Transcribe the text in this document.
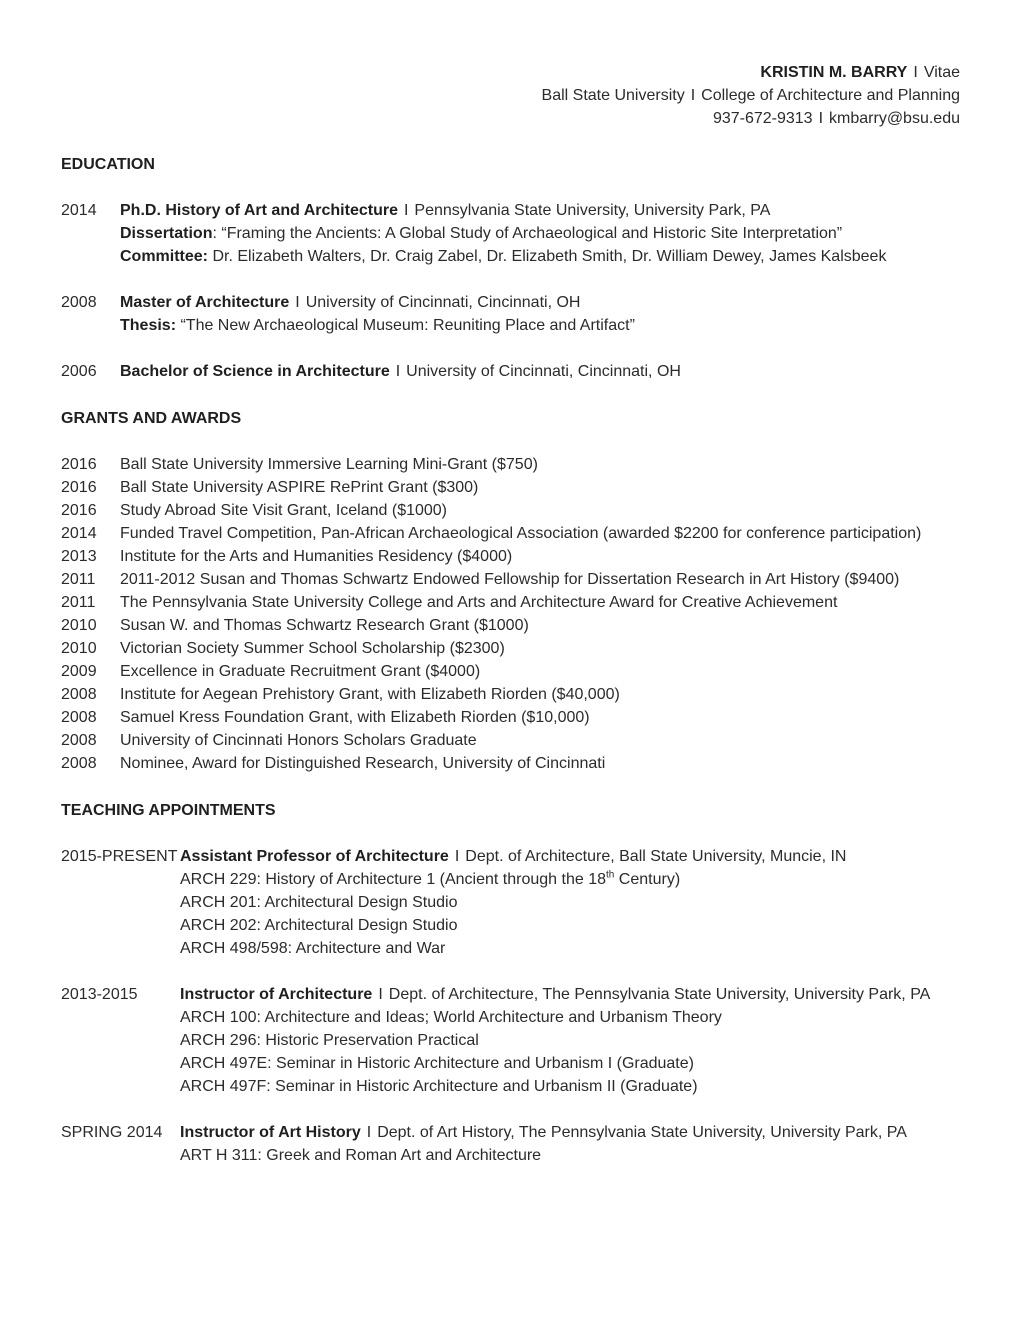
KRISTIN M. BARRY I Vitae
Ball State University I College of Architecture and Planning
937-672-9313 I kmbarry@bsu.edu
EDUCATION
2014	Ph.D. History of Art and Architecture I Pennsylvania State University, University Park, PA
Dissertation: “Framing the Ancients: A Global Study of Archaeological and Historic Site Interpretation”
Committee: Dr. Elizabeth Walters, Dr. Craig Zabel, Dr. Elizabeth Smith, Dr. William Dewey, James Kalsbeek
2008	Master of Architecture I University of Cincinnati, Cincinnati, OH
Thesis: “The New Archaeological Museum: Reuniting Place and Artifact”
2006	Bachelor of Science in Architecture I University of Cincinnati, Cincinnati, OH
GRANTS AND AWARDS
2016	Ball State University Immersive Learning Mini-Grant ($750)
2016	Ball State University ASPIRE RePrint Grant ($300)
2016	Study Abroad Site Visit Grant, Iceland ($1000)
2014	Funded Travel Competition, Pan-African Archaeological Association (awarded $2200 for conference participation)
2013	Institute for the Arts and Humanities Residency ($4000)
2011	2011-2012 Susan and Thomas Schwartz Endowed Fellowship for Dissertation Research in Art History ($9400)
2011	The Pennsylvania State University College and Arts and Architecture Award for Creative Achievement
2010	Susan W. and Thomas Schwartz Research Grant ($1000)
2010	Victorian Society Summer School Scholarship ($2300)
2009	Excellence in Graduate Recruitment Grant ($4000)
2008	Institute for Aegean Prehistory Grant, with Elizabeth Riorden ($40,000)
2008	Samuel Kress Foundation Grant, with Elizabeth Riorden ($10,000)
2008	University of Cincinnati Honors Scholars Graduate
2008	Nominee, Award for Distinguished Research, University of Cincinnati
TEACHING APPOINTMENTS
2015-PRESENT Assistant Professor of Architecture I Dept. of Architecture, Ball State University, Muncie, IN
ARCH 229: History of Architecture 1 (Ancient through the 18th Century)
ARCH 201: Architectural Design Studio
ARCH 202: Architectural Design Studio
ARCH 498/598: Architecture and War
2013-2015	Instructor of Architecture I Dept. of Architecture, The Pennsylvania State University, University Park, PA
ARCH 100: Architecture and Ideas; World Architecture and Urbanism Theory
ARCH 296: Historic Preservation Practical
ARCH 497E: Seminar in Historic Architecture and Urbanism I (Graduate)
ARCH 497F: Seminar in Historic Architecture and Urbanism II (Graduate)
SPRING 2014	Instructor of Art History I Dept. of Art History, The Pennsylvania State University, University Park, PA
ART H 311: Greek and Roman Art and Architecture
